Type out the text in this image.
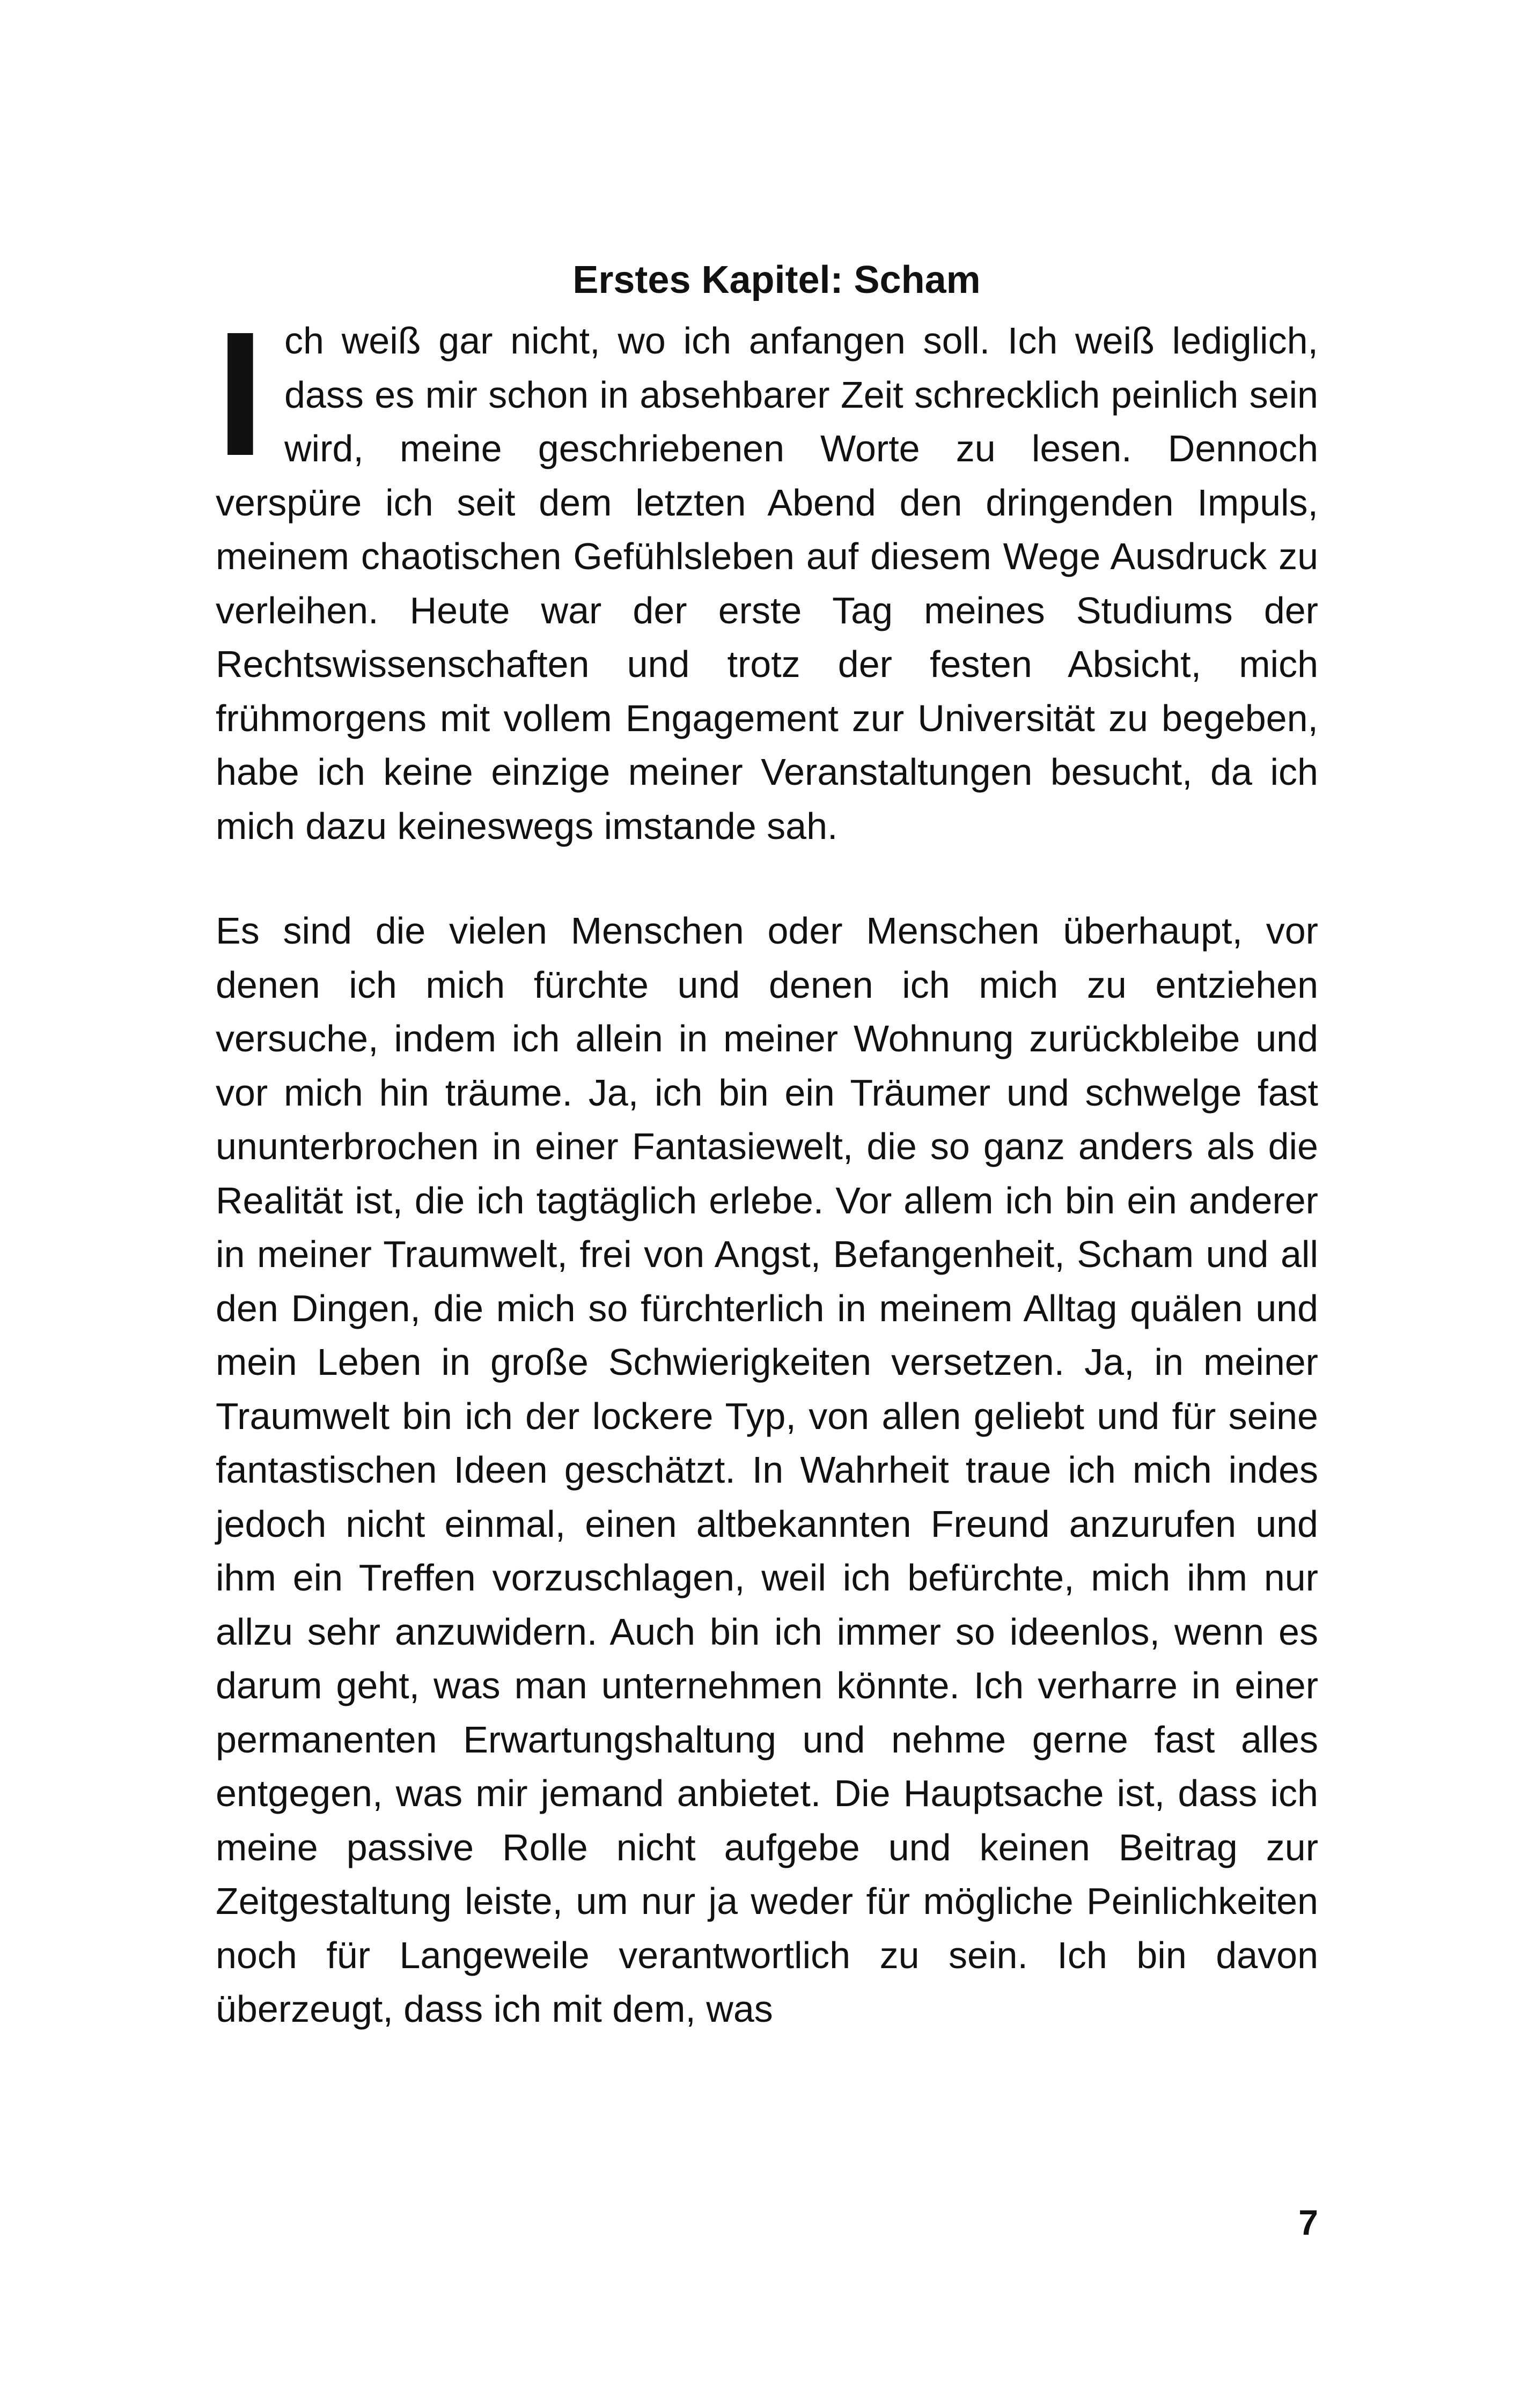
Erstes Kapitel: Scham
Ich weiß gar nicht, wo ich anfangen soll. Ich weiß lediglich, dass es mir schon in absehbarer Zeit schrecklich peinlich sein wird, meine geschriebenen Worte zu lesen. Dennoch verspüre ich seit dem letzten Abend den dringenden Impuls, meinem chaotischen Gefühlsleben auf diesem Wege Ausdruck zu verleihen. Heute war der erste Tag meines Studiums der Rechtswissenschaften und trotz der festen Absicht, mich frühmorgens mit vollem Engagement zur Universität zu begeben, habe ich keine einzige meiner Veranstaltungen besucht, da ich mich dazu keineswegs imstande sah.
Es sind die vielen Menschen oder Menschen überhaupt, vor denen ich mich fürchte und denen ich mich zu entziehen versuche, indem ich allein in meiner Wohnung zurückbleibe und vor mich hin träume. Ja, ich bin ein Träumer und schwelge fast ununterbrochen in einer Fantasiewelt, die so ganz anders als die Realität ist, die ich tagtäglich erlebe. Vor allem ich bin ein anderer in meiner Traumwelt, frei von Angst, Befangenheit, Scham und all den Dingen, die mich so fürchterlich in meinem Alltag quälen und mein Leben in große Schwierigkeiten versetzen. Ja, in meiner Traumwelt bin ich der lockere Typ, von allen geliebt und für seine fantastischen Ideen geschätzt. In Wahrheit traue ich mich indes jedoch nicht einmal, einen altbekannten Freund anzurufen und ihm ein Treffen vorzuschlagen, weil ich befürchte, mich ihm nur allzu sehr anzuwidern. Auch bin ich immer so ideenlos, wenn es darum geht, was man unternehmen könnte. Ich verharre in einer permanenten Erwartungshaltung und nehme gerne fast alles entgegen, was mir jemand anbietet. Die Hauptsache ist, dass ich meine passive Rolle nicht aufgebe und keinen Beitrag zur Zeitgestaltung leiste, um nur ja weder für mögliche Peinlichkeiten noch für Langeweile verantwortlich zu sein. Ich bin davon überzeugt, dass ich mit dem, was
7
